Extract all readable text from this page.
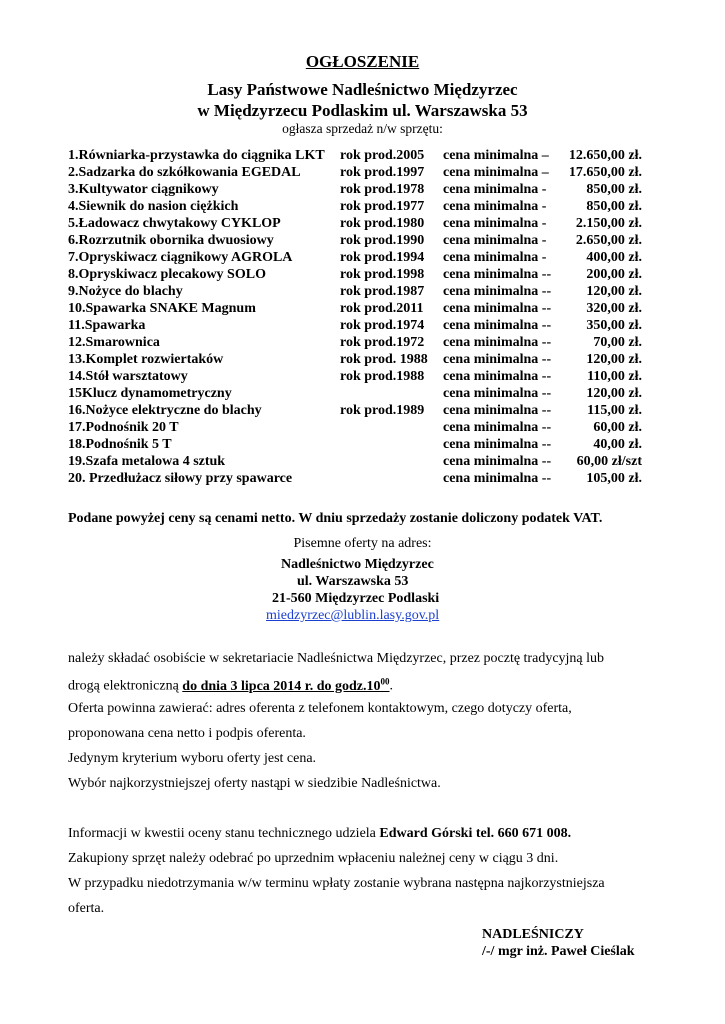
OGŁOSZENIE
Lasy Państwowe Nadleśnictwo Międzyrzec
w Międzyrzecu Podlaskim ul. Warszawska 53
ogłasza sprzedaż n/w sprzętu:
1.Równiarka-przystawka do ciągnika LKT rok prod.2005 cena minimalna –	12.650,00 zł.
2.Sadzarka do szkółkowania EGEDAL	rok prod.1997 cena minimalna –	17.650,00 zł.
3.Kultywator ciągnikowy	rok prod.1978 cena minimalna -	850,00 zł.
4.Siewnik do nasion ciężkich	rok prod.1977 cena minimalna -	850,00 zł.
5.Ładowacz chwytakowy CYKLOP	rok prod.1980 cena minimalna -	2.150,00 zł.
6.Rozrzutnik obornika dwuosiowy	rok prod.1990 cena minimalna -	2.650,00 zł.
7.Opryskiwacz ciągnikowy AGROLA	rok prod.1994 cena minimalna -	400,00 zł.
8.Opryskiwacz plecakowy SOLO	rok prod.1998 cena minimalna --	200,00 zł.
9.Nożyce do blachy	rok prod.1987 cena minimalna --	120,00 zł.
10.Spawarka SNAKE Magnum	rok prod.2011 cena minimalna --	320,00 zł.
11.Spawarka	rok prod.1974 cena minimalna --	350,00 zł.
12.Smarownica	rok prod.1972 cena minimalna --	70,00 zł.
13.Komplet rozwiertaków	rok prod. 1988 cena minimalna --	120,00 zł.
14.Stół warsztatowy	rok prod.1988 cena minimalna --	110,00 zł.
15Klucz dynamometryczny	cena minimalna --	120,00 zł.
16.Nożyce elektryczne do blachy	rok prod.1989 cena minimalna --	115,00 zł.
17.Podnośnik 20 T	cena minimalna --	60,00 zł.
18.Podnośnik 5 T	cena minimalna --	40,00 zł.
19.Szafa metalowa 4 sztuk	cena minimalna --	60,00 zł/szt
20. Przedłużacz siłowy przy spawarce	cena minimalna --	105,00 zł.
Podane powyżej ceny są cenami netto. W dniu sprzedaży zostanie doliczony podatek VAT.
Pisemne oferty na adres:
Nadleśnictwo Międzyrzec
ul. Warszawska 53
21-560 Międzyrzec Podlaski
miedzyrzec@lublin.lasy.gov.pl
należy składać osobiście w sekretariacie Nadleśnictwa Międzyrzec, przez pocztę tradycyjną lub
drogą elektroniczną do dnia 3 lipca 2014 r. do $godz.10^{00}$.
Oferta powinna zawierać: adres oferenta z telefonem kontaktowym, czego dotyczy oferta,
proponowana cena netto i podpis oferenta.
Jedynym kryterium wyboru oferty jest cena.
Wybór najkorzystniejszej oferty nastąpi w siedzibie Nadleśnictwa.
Informacji w kwestii oceny stanu technicznego udziela Edward Górski tel. 660 671 008.
Zakupiony sprzęt należy odebrać po uprzednim wpłaceniu należnej ceny w ciągu 3 dni.
W przypadku niedotrzymania w/w terminu wpłaty zostanie wybrana następna najkorzystniejsza
oferta.
NADLEŚNICZY
/-/ mgr inż. Paweł Cieślak
